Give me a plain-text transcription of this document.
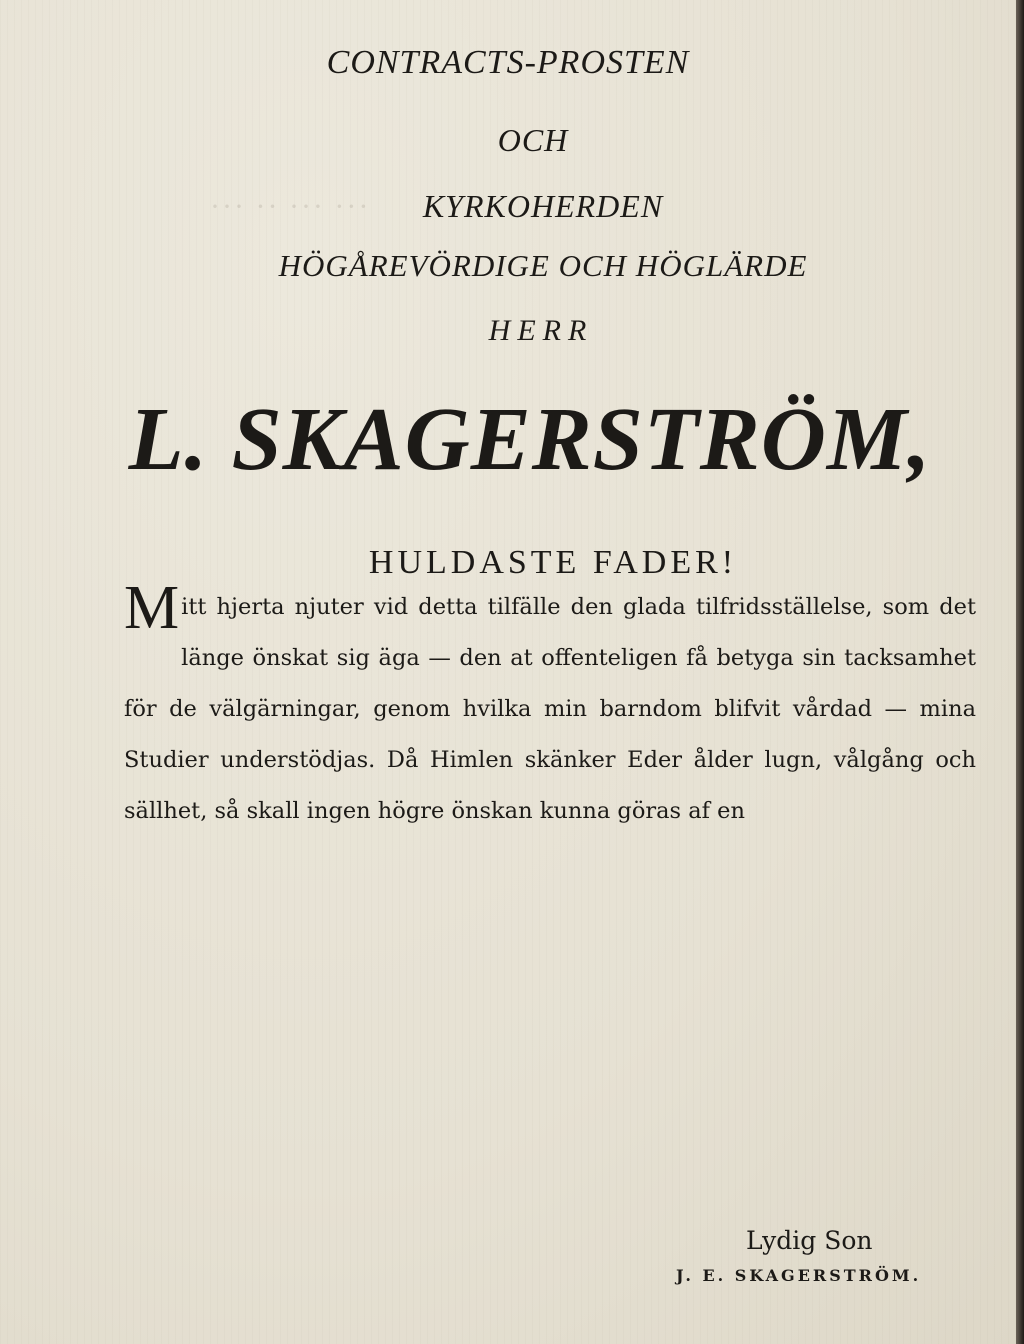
··· ·· ··· ···
CONTRACTS-PROSTEN
OCH
KYRKOHERDEN
HÖGÅREVÖRDIGE OCH HÖGLÄRDE
HERR
L. SKAGERSTRÖM,
HULDASTE FADER!
Mitt hjerta njuter vid detta tilfälle den glada tilfridsställelse, som det länge önskat sig äga — den at offenteligen få betyga sin tacksamhet för de välgärningar, genom hvilka min barndom blifvit vårdad — mina Studier understödjas. Då Himlen skänker Eder ålder lugn, vålgång och sällhet, så skall ingen högre önskan kunna göras af en
Lydig Son
J. E. SKAGERSTRÖM.
